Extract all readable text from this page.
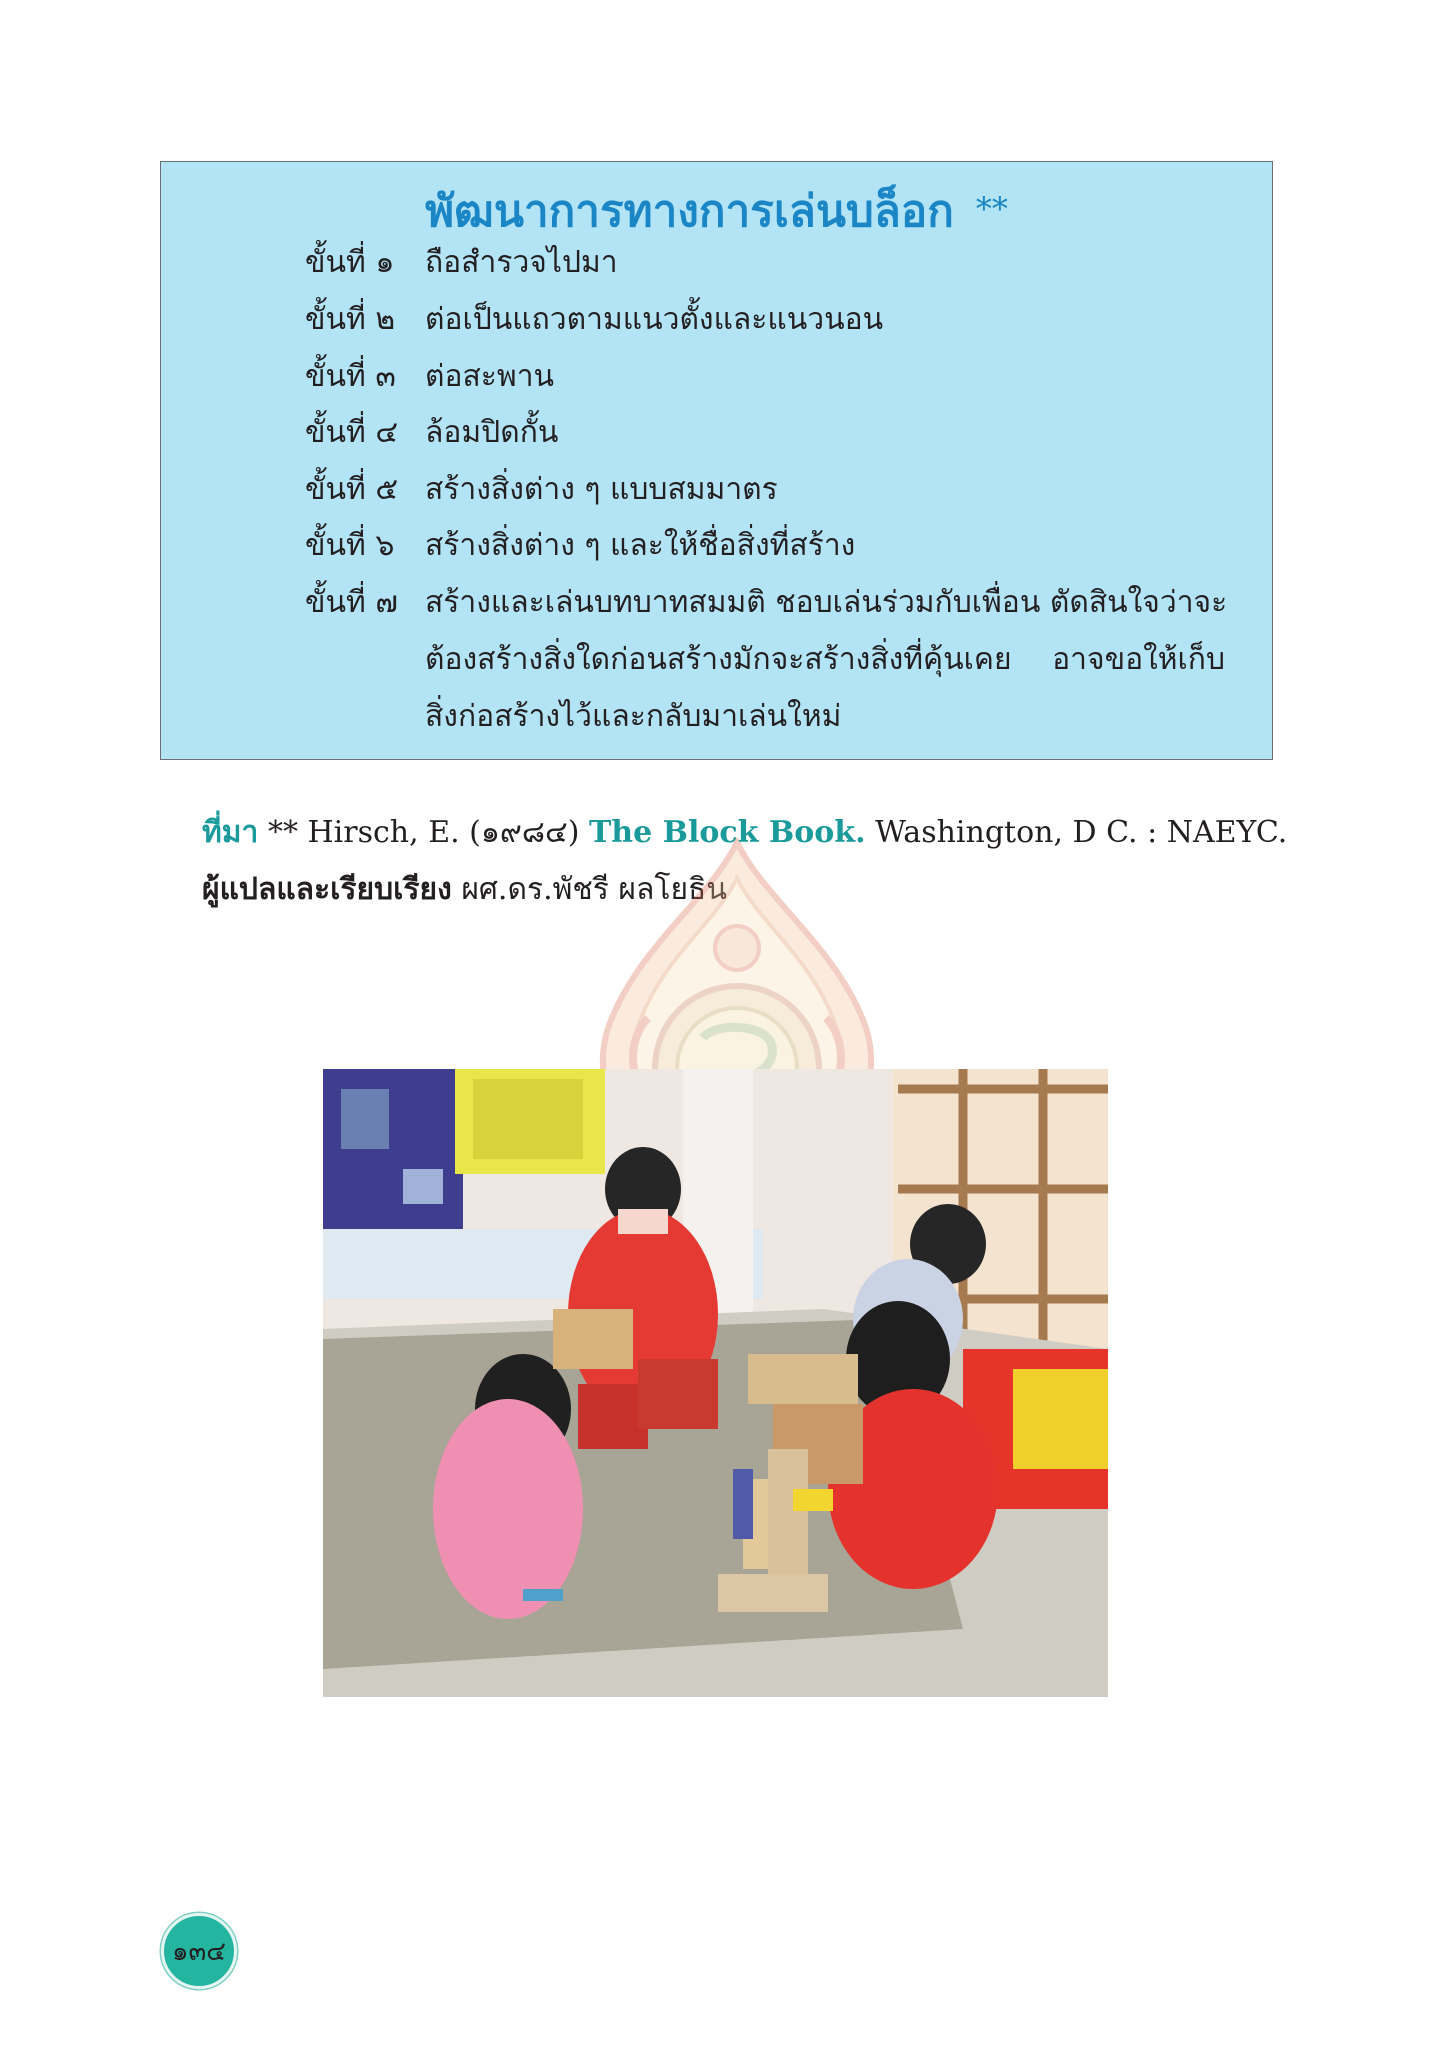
พัฒนาการทางการเล่นบล็อก **
ขั้นที่ ๑ ถือสำรวจไปมา
ขั้นที่ ๒ ต่อเป็นแถวตามแนวตั้งและแนวนอน
ขั้นที่ ๓ ต่อสะพาน
ขั้นที่ ๔ ล้อมปิดกั้น
ขั้นที่ ๕ สร้างสิ่งต่าง ๆ แบบสมมาตร
ขั้นที่ ๖ สร้างสิ่งต่าง ๆ และให้ชื่อสิ่งที่สร้าง
ขั้นที่ ๗ สร้างและเล่นบทบาทสมมติ ชอบเล่นร่วมกับเพื่อน ตัดสินใจว่าจะ
ต้องสร้างสิ่งใดก่อนสร้างมักจะสร้างสิ่งที่คุ้นเคย อาจขอให้เก็บ
สิ่งก่อสร้างไว้และกลับมาเล่นใหม่
ที่มา ** Hirsch, E. (๑๙๘๔) The Block Book. Washington, D C. : NAEYC.
ผู้แปลและเรียบเรียง ผศ.ดร.พัชรี ผลโยธิน
๑๓๔
